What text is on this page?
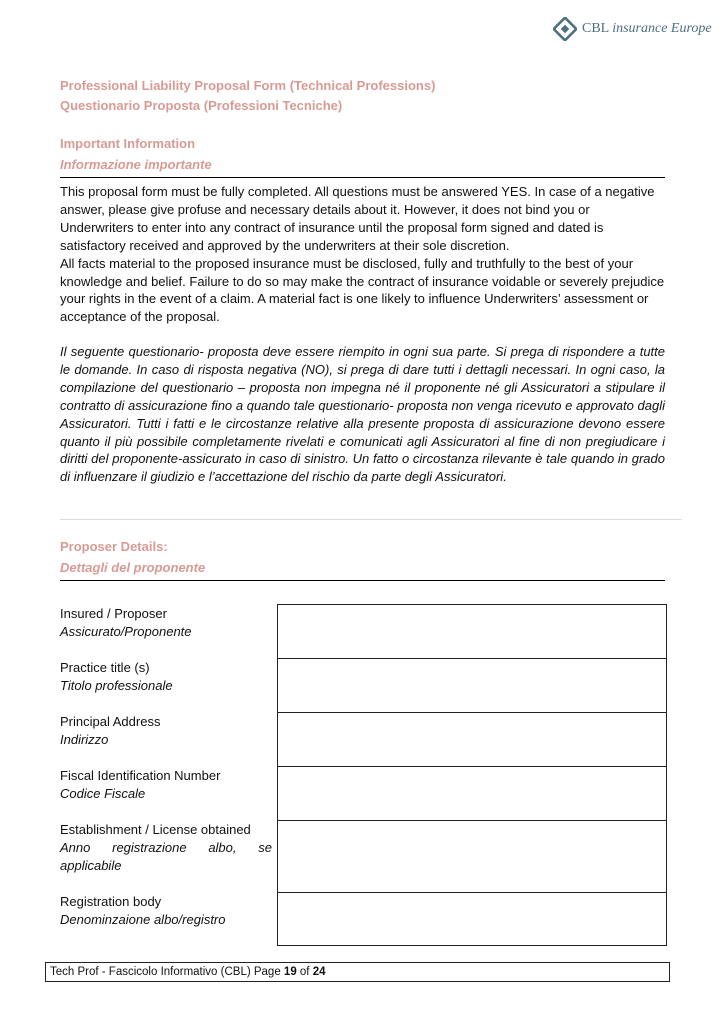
CBL insurance Europe
Professional Liability Proposal Form (Technical Professions)
Questionario Proposta (Professioni Tecniche)
Important Information
Informazione importante

This proposal form must be fully completed. All questions must be answered YES. In case of a negative answer, please give profuse and necessary details about it. However, it does not bind you or Underwriters to enter into any contract of insurance until the proposal form signed and dated is satisfactory received and approved by the underwriters at their sole discretion.

All facts material to the proposed insurance must be disclosed, fully and truthfully to the best of your knowledge and belief. Failure to do so may make the contract of insurance voidable or severely prejudice your rights in the event of a claim. A material fact is one likely to influence Underwriters’ assessment or acceptance of the proposal.

Il seguente questionario- proposta deve essere riempito in ogni sua parte. Si prega di rispondere a tutte le domande. In caso di risposta negativa (NO), si prega di dare tutti i dettagli necessari. In ogni caso, la compilazione del questionario – proposta non impegna né il proponente né gli Assicuratori a stipulare il contratto di assicurazione fino a quando tale questionario- proposta non venga ricevuto e approvato dagli Assicuratori. Tutti i fatti e le circostanze relative alla presente proposta di assicurazione devono essere quanto il più possibile completamente rivelati e comunicati agli Assicuratori al fine di non pregiudicare i diritti del proponente-assicurato in caso di sinistro. Un fatto o circostanza rilevante è tale quando in grado di influenzare il giudizio e l’accettazione del rischio da parte degli Assicuratori.

Proposer Details:
Dettagli del proponente
Insured / Proposer
Assicurato/Proponente
Practice title (s)
Titolo professionale
Principal Address
Indirizzo
Fiscal Identification Number
Codice Fiscale
Establishment / License obtained
Anno registrazione albo, se applicabile
Registration body
Denominzaione albo/registro
Tech Prof - Fascicolo Informativo (CBL) Page 19 of 24
